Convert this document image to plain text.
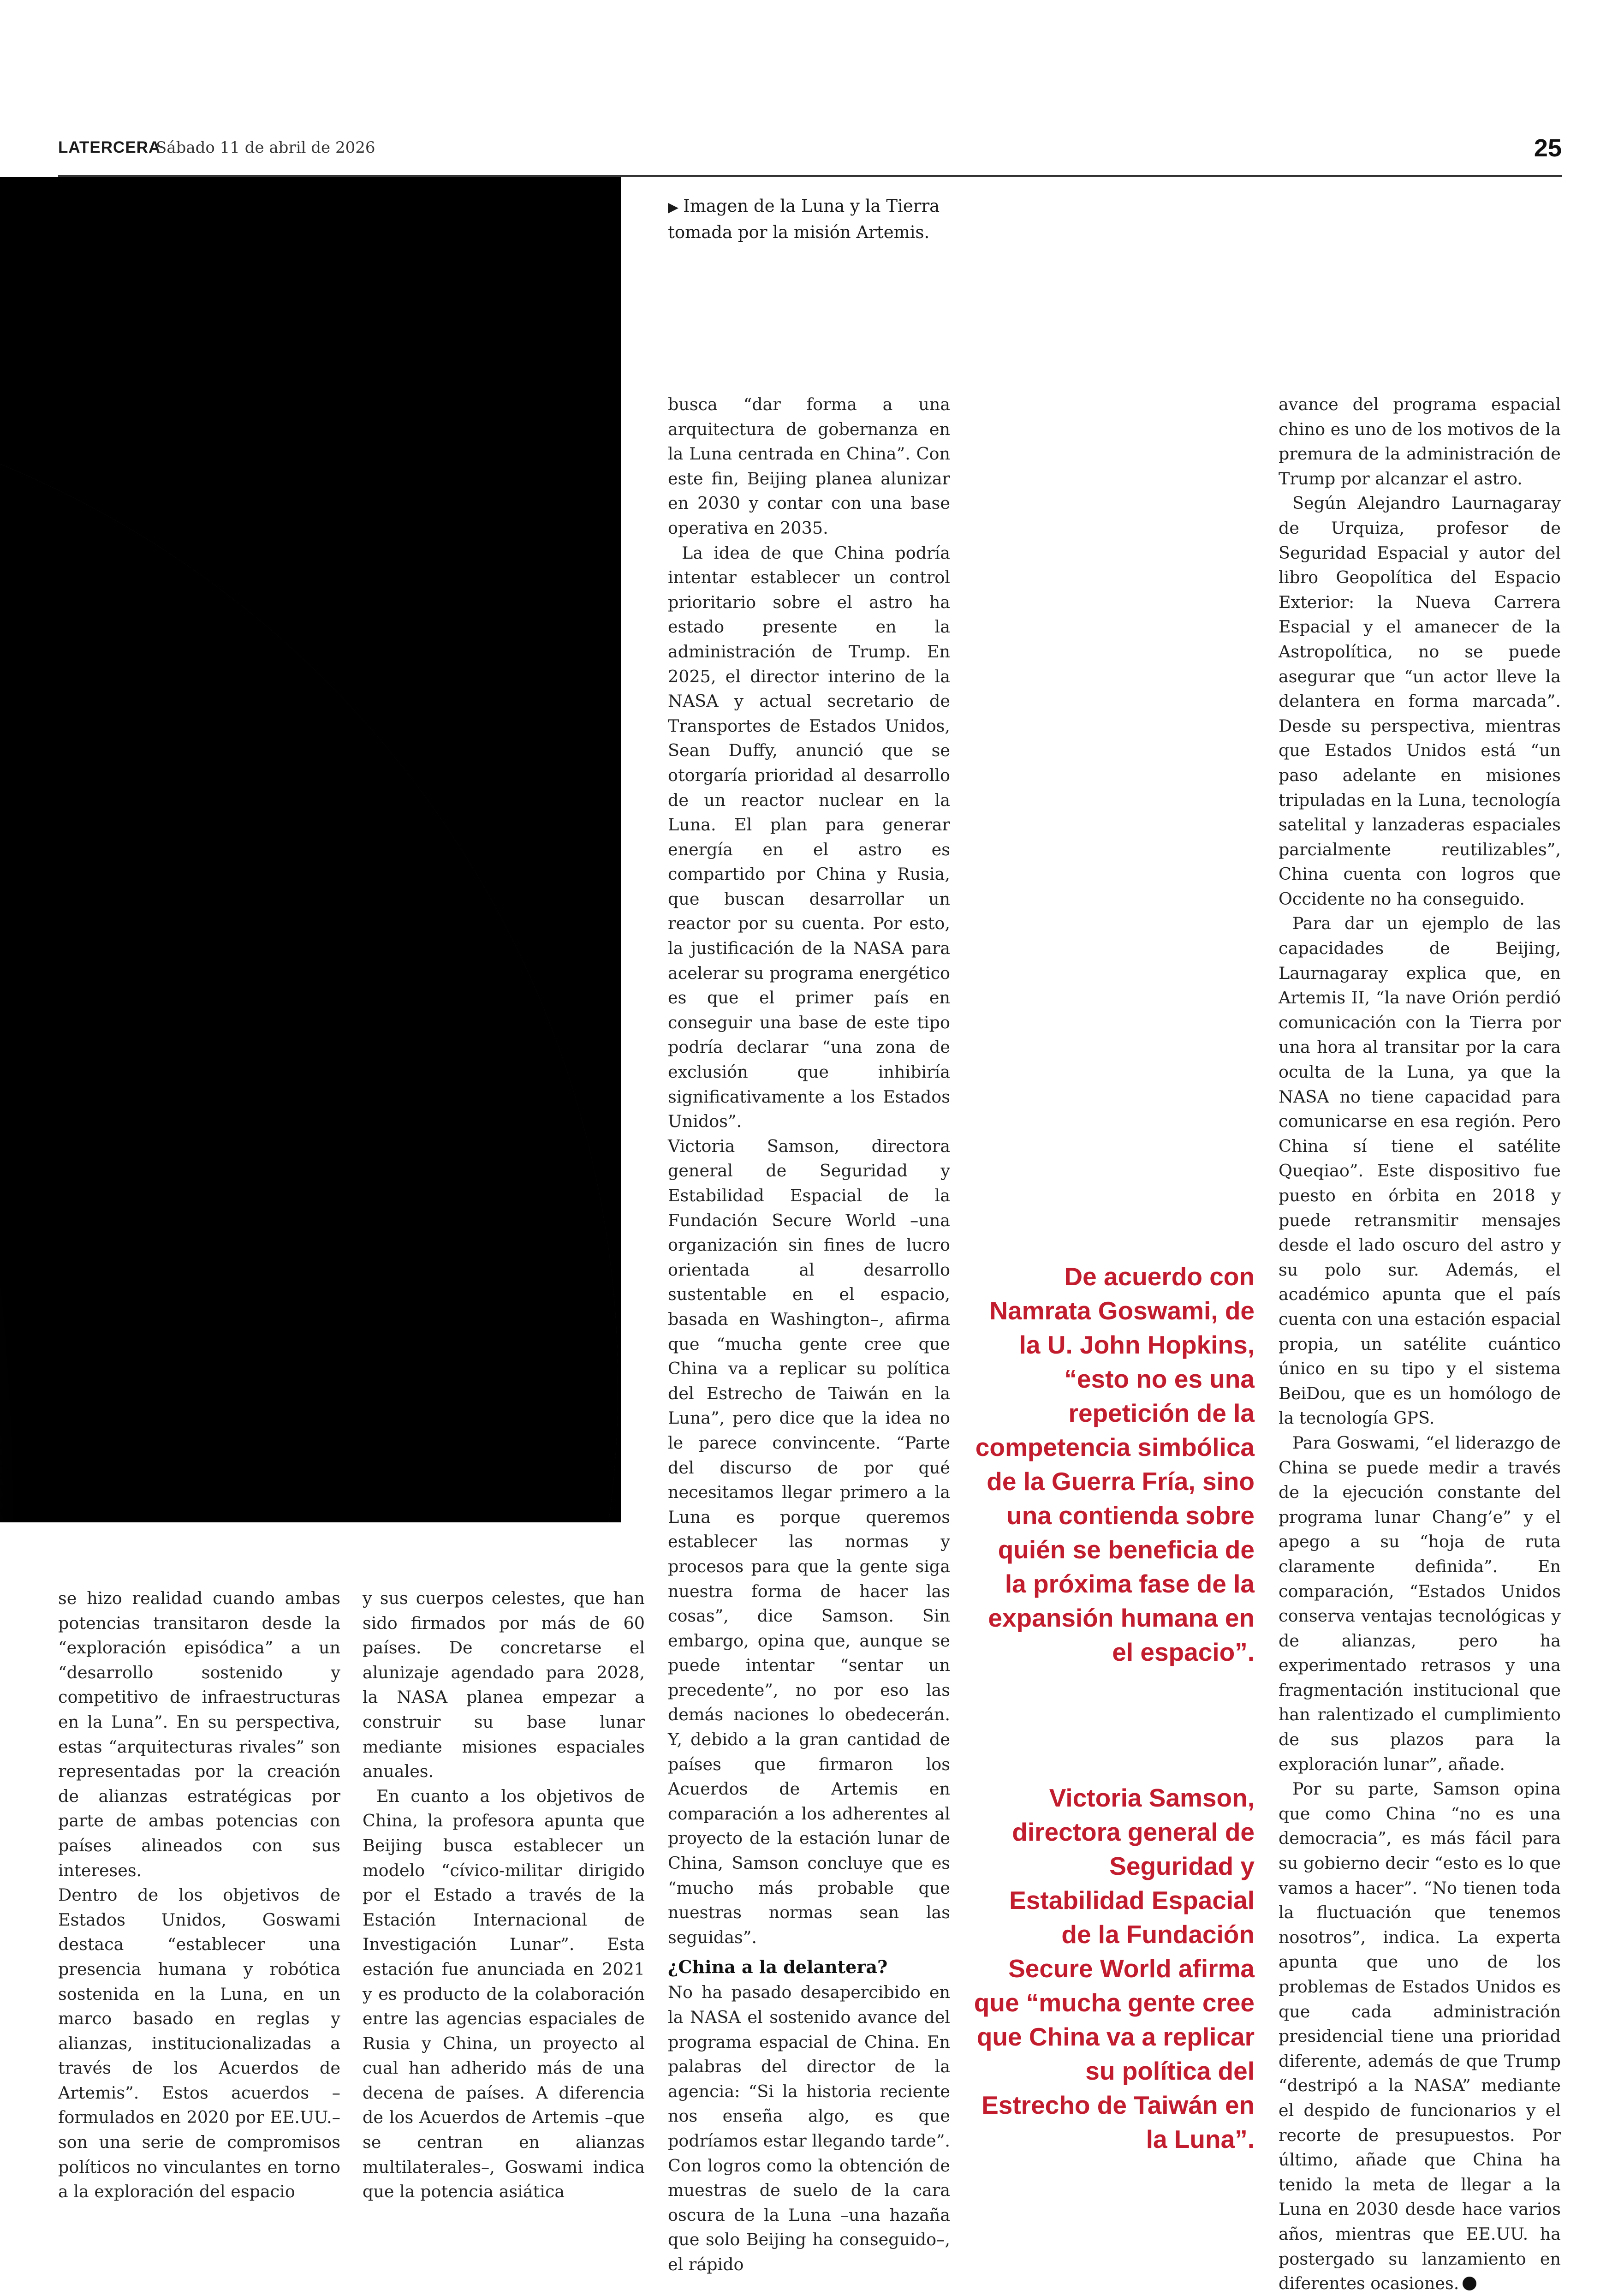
LATERCERA
Sábado 11 de abril de 2026	25
▶ Imagen de la Luna y la Tierra tomada por la misión Artemis.

se hizo realidad cuando ambas potencias transitaron desde la “exploración episódica” a un “desarrollo sostenido y competitivo de infraestructuras en la Luna”. En su perspectiva, estas “arquitecturas rivales” son representadas por la creación de alianzas estratégicas por parte de ambas potencias con países alineados con sus intereses.

Dentro de los objetivos de Estados Unidos, Goswami destaca “establecer una presencia humana y robótica sostenida en la Luna, en un marco basado en reglas y alianzas, institucionalizadas a través de los Acuerdos de Artemis”. Estos acuerdos –formulados en 2020 por EE.UU.– son una serie de compromisos políticos no vinculantes en torno a la exploración del espacio

y sus cuerpos celestes, que han sido firmados por más de 60 países. De concretarse el alunizaje agendado para 2028, la NASA planea empezar a construir su base lunar mediante misiones espaciales anuales.

En cuanto a los objetivos de China, la profesora apunta que Beijing busca establecer un modelo “cívico-militar dirigido por el Estado a través de la Estación Internacional de Investigación Lunar”. Esta estación fue anunciada en 2021 y es producto de la colaboración entre las agencias espaciales de Rusia y China, un proyecto al cual han adherido más de una decena de países. A diferencia de los Acuerdos de Artemis –que se centran en alianzas multilaterales–, Goswami indica que la potencia asiática

busca “dar forma a una arquitectura de gobernanza en la Luna centrada en China”. Con este fin, Beijing planea alunizar en 2030 y contar con una base operativa en 2035.

La idea de que China podría intentar establecer un control prioritario sobre el astro ha estado presente en la administración de Trump. En 2025, el director interino de la NASA y actual secretario de Transportes de Estados Unidos, Sean Duffy, anunció que se otorgaría prioridad al desarrollo de un reactor nuclear en la Luna. El plan para generar energía en el astro es compartido por China y Rusia, que buscan desarrollar un reactor por su cuenta. Por esto, la justificación de la NASA para acelerar su programa energético es que el primer país en conseguir una base de este tipo podría declarar “una zona de exclusión que inhibiría significativamente a los Estados Unidos”.

Victoria Samson, directora general de Seguridad y Estabilidad Espacial de la Fundación Secure World –una organización sin fines de lucro orientada al desarrollo sustentable en el espacio, basada en Washington–, afirma que “mucha gente cree que China va a replicar su política del Estrecho de Taiwán en la Luna”, pero dice que la idea no le parece convincente. “Parte del discurso de por qué necesitamos llegar primero a la Luna es porque queremos establecer las normas y procesos para que la gente siga nuestra forma de hacer las cosas”, dice Samson. Sin embargo, opina que, aunque se puede intentar “sentar un precedente”, no por eso las demás naciones lo obedecerán. Y, debido a la gran cantidad de países que firmaron los Acuerdos de Artemis en comparación a los adherentes al proyecto de la estación lunar de China, Samson concluye que es “mucho más probable que nuestras normas sean las seguidas”.

¿China a la delantera?

No ha pasado desapercibido en la NASA el sostenido avance del programa espacial de China. En palabras del director de la agencia: “Si la historia reciente nos enseña algo, es que podríamos estar llegando tarde”. Con logros como la obtención de muestras de suelo de la cara oscura de la Luna –una hazaña que solo Beijing ha conseguido–, el rápido

De acuerdo con Namrata Goswami, de la U. John Hopkins, “esto no es una repetición de la competencia simbólica de la Guerra Fría, sino una contienda sobre quién se beneficia de la próxima fase de la expansión humana en el espacio”.
Victoria Samson, directora general de Seguridad y Estabilidad Espacial de la Fundación Secure World afirma que “mucha gente cree que China va a replicar su política del Estrecho de Taiwán en la Luna”.

avance del programa espacial chino es uno de los motivos de la premura de la administración de Trump por alcanzar el astro.

Según Alejandro Laurnagaray de Urquiza, profesor de Seguridad Espacial y autor del libro Geopolítica del Espacio Exterior: la Nueva Carrera Espacial y el amanecer de la Astropolítica, no se puede asegurar que “un actor lleve la delantera en forma marcada”. Desde su perspectiva, mientras que Estados Unidos está “un paso adelante en misiones tripuladas en la Luna, tecnología satelital y lanzaderas espaciales parcialmente reutilizables”, China cuenta con logros que Occidente no ha conseguido.

Para dar un ejemplo de las capacidades de Beijing, Laurnagaray explica que, en Artemis II, “la nave Orión perdió comunicación con la Tierra por una hora al transitar por la cara oculta de la Luna, ya que la NASA no tiene capacidad para comunicarse en esa región. Pero China sí tiene el satélite Queqiao”. Este dispositivo fue puesto en órbita en 2018 y puede retransmitir mensajes desde el lado oscuro del astro y su polo sur. Además, el académico apunta que el país cuenta con una estación espacial propia, un satélite cuántico único en su tipo y el sistema BeiDou, que es un homólogo de la tecnología GPS.

Para Goswami, “el liderazgo de China se puede medir a través de la ejecución constante del programa lunar Chang’e” y el apego a su “hoja de ruta claramente definida”. En comparación, “Estados Unidos conserva ventajas tecnológicas y de alianzas, pero ha experimentado retrasos y una fragmentación institucional que han ralentizado el cumplimiento de sus plazos para la exploración lunar”, añade.

Por su parte, Samson opina que como China “no es una democracia”, es más fácil para su gobierno decir “esto es lo que vamos a hacer”. “No tienen toda la fluctuación que tenemos nosotros”, indica. La experta apunta que uno de los problemas de Estados Unidos es que cada administración presidencial tiene una prioridad diferente, además de que Trump “destripó a la NASA” mediante el despido de funcionarios y el recorte de presupuestos. Por último, añade que China ha tenido la meta de llegar a la Luna en 2030 desde hace varios años, mientras que EE.UU. ha postergado su lanzamiento en diferentes ocasiones.
